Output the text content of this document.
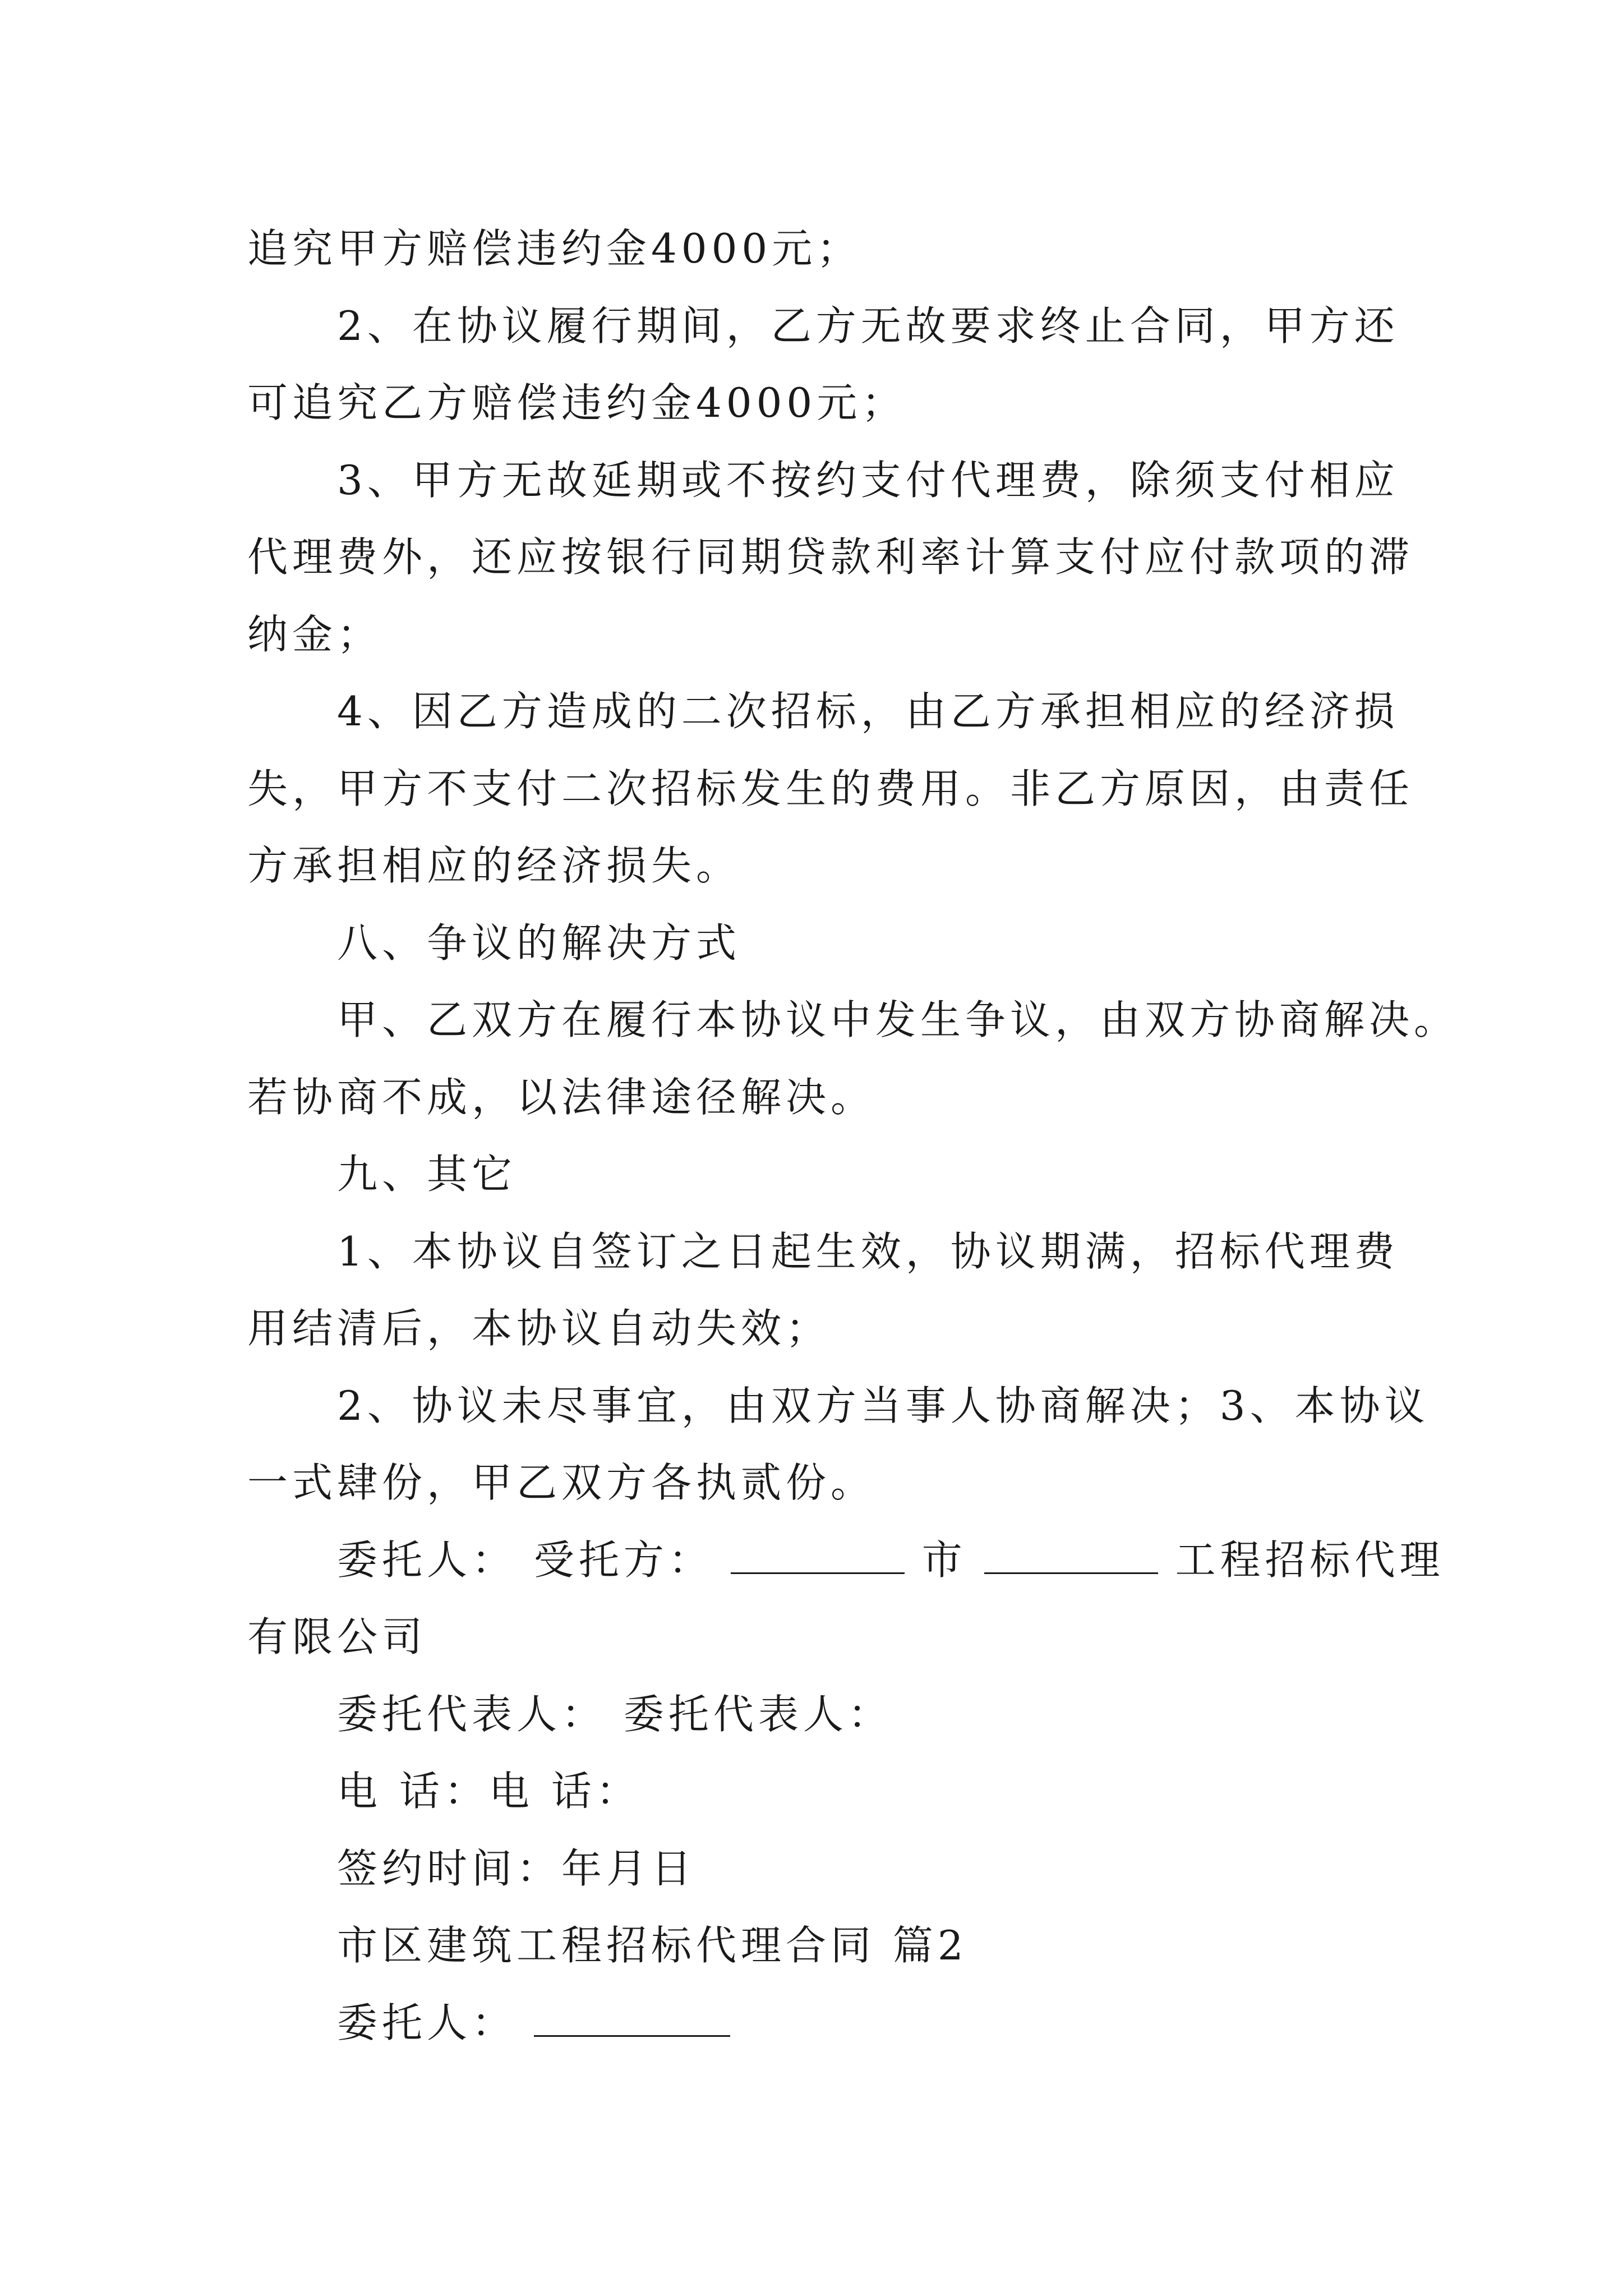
追究甲方赔偿违约金4000元；
2、在协议履行期间，乙方无故要求终止合同，甲方还
可追究乙方赔偿违约金4000元；
3、甲方无故延期或不按约支付代理费，除须支付相应
代理费外，还应按银行同期贷款利率计算支付应付款项的滞
纳金；
4、因乙方造成的二次招标，由乙方承担相应的经济损
失，甲方不支付二次招标发生的费用。非乙方原因，由责任
方承担相应的经济损失。
八、争议的解决方式
甲、乙双方在履行本协议中发生争议，由双方协商解决。
若协商不成，以法律途径解决。
九、其它
1、本协议自签订之日起生效，协议期满，招标代理费
用结清后，本协议自动失效；
2、协议未尽事宜，由双方当事人协商解决；3、本协议
一式肆份，甲乙双方各执贰份。
委托人： 受托方：	市	工程招标代理
有限公司
委托代表人： 委托代表人：
电 话：电 话：
签约时间：年月日
市区建筑工程招标代理合同 篇2
委托人：
